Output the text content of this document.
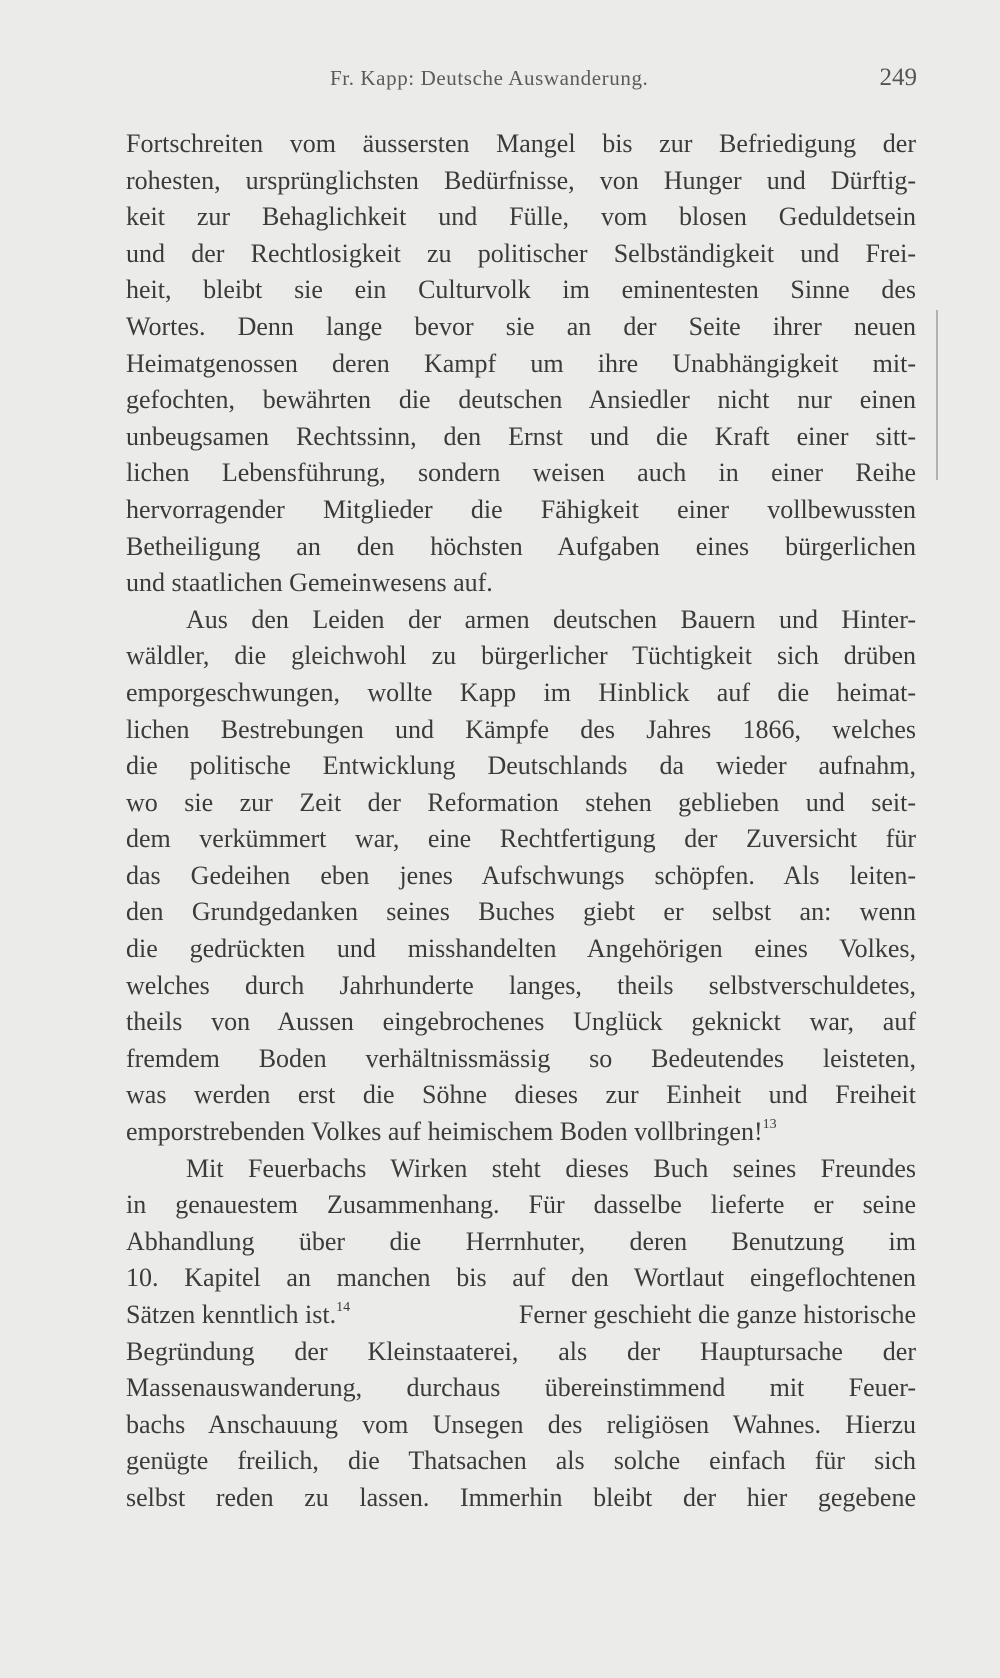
Fr. Kapp: Deutsche Auswanderung.	249
Fortschreiten vom äussersten Mangel bis zur Befriedigung der
rohesten, ursprünglichsten Bedürfnisse, von Hunger und Dürftig-
keit zur Behaglichkeit und Fülle, vom blosen Geduldetsein
und der Rechtlosigkeit zu politischer Selbständigkeit und Frei-
heit, bleibt sie ein Culturvolk im eminentesten Sinne des
Wortes. Denn lange bevor sie an der Seite ihrer neuen
Heimatgenossen deren Kampf um ihre Unabhängigkeit mit-
gefochten, bewährten die deutschen Ansiedler nicht nur einen
unbeugsamen Rechtssinn, den Ernst und die Kraft einer sitt-
lichen Lebensführung, sondern weisen auch in einer Reihe
hervorragender Mitglieder die Fähigkeit einer vollbewussten
Betheiligung an den höchsten Aufgaben eines bürgerlichen
und staatlichen Gemeinwesens auf.
Aus den Leiden der armen deutschen Bauern und Hinter-
wäldler, die gleichwohl zu bürgerlicher Tüchtigkeit sich drüben
emporgeschwungen, wollte Kapp im Hinblick auf die heimat-
lichen Bestrebungen und Kämpfe des Jahres 1866, welches
die politische Entwicklung Deutschlands da wieder aufnahm,
wo sie zur Zeit der Reformation stehen geblieben und seit-
dem verkümmert war, eine Rechtfertigung der Zuversicht für
das Gedeihen eben jenes Aufschwungs schöpfen. Als leiten-
den Grundgedanken seines Buches giebt er selbst an: wenn
die gedrückten und misshandelten Angehörigen eines Volkes,
welches durch Jahrhunderte langes, theils selbstverschuldetes,
theils von Aussen eingebrochenes Unglück geknickt war, auf
fremdem Boden verhältnissmässig so Bedeutendes leisteten,
was werden erst die Söhne dieses zur Einheit und Freiheit
emporstrebenden Volkes auf heimischem Boden vollbringen!$^{13}$
Mit Feuerbachs Wirken steht dieses Buch seines Freundes
in genauestem Zusammenhang. Für dasselbe lieferte er seine
Abhandlung über die Herrnhuter, deren Benutzung im
10. Kapitel an manchen bis auf den Wortlaut eingeflochtenen
Sätzen kenntlich ist.$^{14}$	Ferner geschieht die ganze historische
Begründung der Kleinstaaterei, als der Hauptursache der
Massenauswanderung, durchaus übereinstimmend mit Feuer-
bachs Anschauung vom Unsegen des religiösen Wahnes. Hierzu
genügte freilich, die Thatsachen als solche einfach für sich
selbst reden zu lassen. Immerhin bleibt der hier gegebene
